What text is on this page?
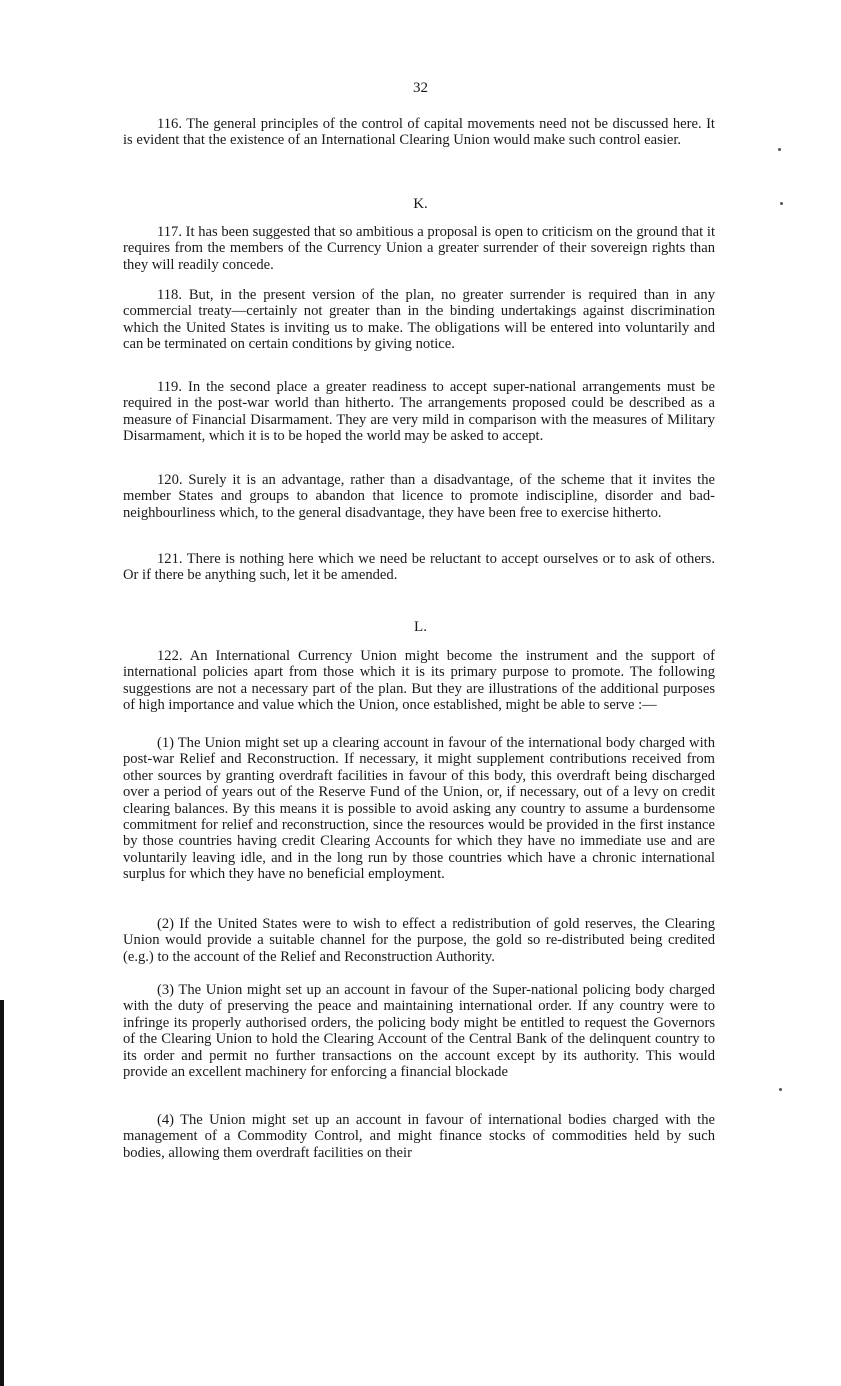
32

116. The general principles of the control of capital movements need not be discussed here. It is evident that the existence of an International Clearing Union would make such control easier.

K.

117. It has been suggested that so ambitious a proposal is open to criticism on the ground that it requires from the members of the Currency Union a greater surrender of their sovereign rights than they will readily concede.

118. But, in the present version of the plan, no greater surrender is required than in any commercial treaty—certainly not greater than in the binding undertakings against discrimination which the United States is inviting us to make. The obligations will be entered into voluntarily and can be terminated on certain conditions by giving notice.

119. In the second place a greater readiness to accept super-national arrangements must be required in the post-war world than hitherto. The arrangements proposed could be described as a measure of Financial Disarmament. They are very mild in comparison with the measures of Military Disarmament, which it is to be hoped the world may be asked to accept.

120. Surely it is an advantage, rather than a disadvantage, of the scheme that it invites the member States and groups to abandon that licence to promote indiscipline, disorder and bad-neighbourliness which, to the general disadvantage, they have been free to exercise hitherto.

121. There is nothing here which we need be reluctant to accept ourselves or to ask of others. Or if there be anything such, let it be amended.

L.

122. An International Currency Union might become the instrument and the support of international policies apart from those which it is its primary purpose to promote. The following suggestions are not a necessary part of the plan. But they are illustrations of the additional purposes of high importance and value which the Union, once established, might be able to serve :—

(1) The Union might set up a clearing account in favour of the international body charged with post-war Relief and Reconstruction. If necessary, it might supplement contributions received from other sources by granting overdraft facilities in favour of this body, this overdraft being discharged over a period of years out of the Reserve Fund of the Union, or, if necessary, out of a levy on credit clearing balances. By this means it is possible to avoid asking any country to assume a burdensome commitment for relief and reconstruction, since the resources would be provided in the first instance by those countries having credit Clearing Accounts for which they have no immediate use and are voluntarily leaving idle, and in the long run by those countries which have a chronic international surplus for which they have no beneficial employment.

(2) If the United States were to wish to effect a redistribution of gold reserves, the Clearing Union would provide a suitable channel for the purpose, the gold so re-distributed being credited (e.g.) to the account of the Relief and Reconstruction Authority.

(3) The Union might set up an account in favour of the Super-national policing body charged with the duty of preserving the peace and maintaining international order. If any country were to infringe its properly authorised orders, the policing body might be entitled to request the Governors of the Clearing Union to hold the Clearing Account of the Central Bank of the delinquent country to its order and permit no further transactions on the account except by its authority. This would provide an excellent machinery for enforcing a financial blockade

(4) The Union might set up an account in favour of international bodies charged with the management of a Commodity Control, and might finance stocks of commodities held by such bodies, allowing them overdraft facilities on their
